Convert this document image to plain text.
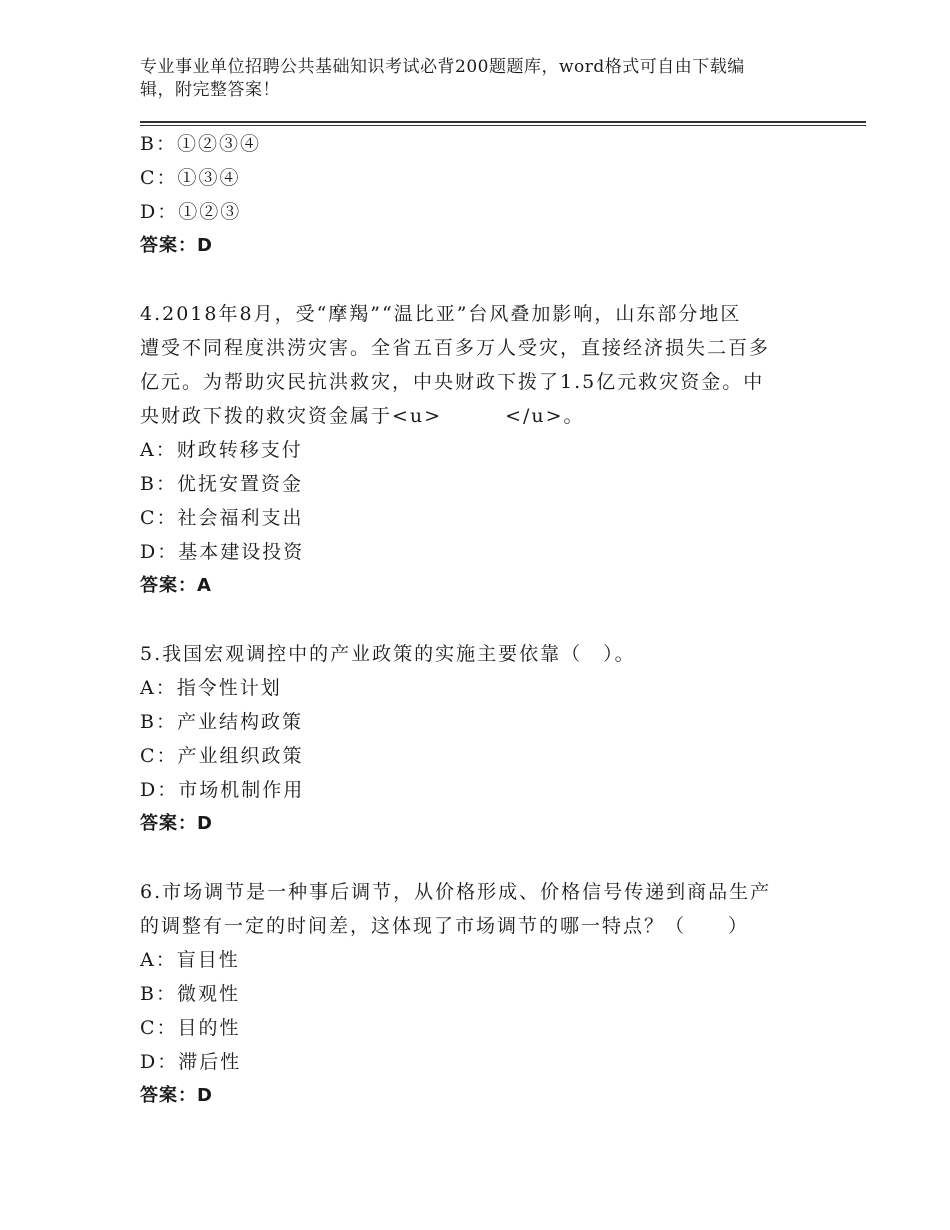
专业事业单位招聘公共基础知识考试必背200题题库，word格式可自由下载编
辑，附完整答案！
B：①②③④
C：①③④
D：①②③
答案：D
4.2018年8月，受“摩羯”“温比亚”台风叠加影响，山东部分地区
遭受不同程度洪涝灾害。全省五百多万人受灾，直接经济损失二百多
亿元。为帮助灾民抗洪救灾，中央财政下拨了1.5亿元救灾资金。中
央财政下拨的救灾资金属于<u>　　　</u>。
A：财政转移支付
B：优抚安置资金
C：社会福利支出
D：基本建设投资
答案：A
5.我国宏观调控中的产业政策的实施主要依靠（　）。
A：指令性计划
B：产业结构政策
C：产业组织政策
D：市场机制作用
答案：D
6.市场调节是一种事后调节，从价格形成、价格信号传递到商品生产
的调整有一定的时间差，这体现了市场调节的哪一特点？（　　）
A：盲目性
B：微观性
C：目的性
D：滞后性
答案：D
